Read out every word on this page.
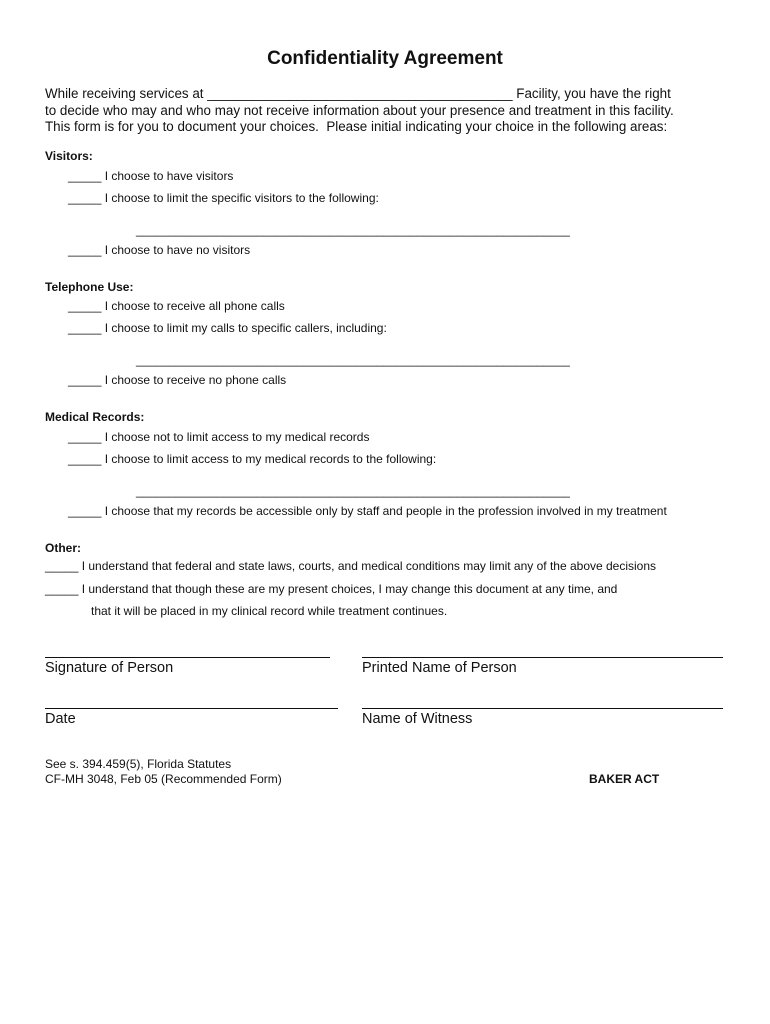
Confidentiality Agreement
While receiving services at _________________________________________ Facility, you have the right
to decide who may and who may not receive information about your presence and treatment in this facility.
This form is for you to document your choices.  Please initial indicating your choice in the following areas:
Visitors:
_____ I choose to have visitors
_____ I choose to limit the specific visitors to the following:
_________________________________________________________________
_____ I choose to have no visitors
Telephone Use:
_____ I choose to receive all phone calls
_____ I choose to limit my calls to specific callers, including:
_________________________________________________________________
_____ I choose to receive no phone calls
Medical Records:
_____ I choose not to limit access to my medical records
_____ I choose to limit access to my medical records to the following:
_________________________________________________________________
_____ I choose that my records be accessible only by staff and people in the profession involved in my treatment
Other:
_____ I understand that federal and state laws, courts, and medical conditions may limit any of the above decisions
_____ I understand that though these are my present choices, I may change this document at any time, and
that it will be placed in my clinical record while treatment continues.
Signature of Person	Printed Name of Person
Date	Name of Witness
See s. 394.459(5), Florida Statutes
CF-MH 3048, Feb 05 (Recommended Form)	BAKER ACT
